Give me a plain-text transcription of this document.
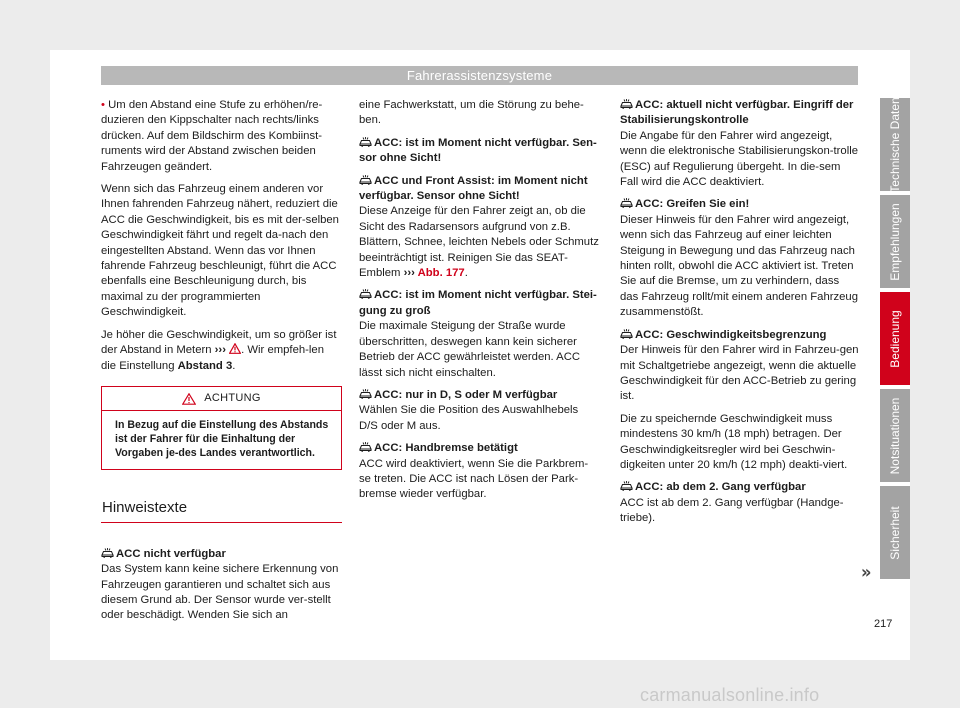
Fahrerassistenzsysteme

• Um den Abstand eine Stufe zu erhöhen/re-duzieren den Kippschalter nach rechts/links drücken. Auf dem Bildschirm des Kombiinst-ruments wird der Abstand zwischen beiden Fahrzeugen geändert.

Wenn sich das Fahrzeug einem anderen vor Ihnen fahrenden Fahrzeug nähert, reduziert die ACC die Geschwindigkeit, bis es mit der-selben Geschwindigkeit fährt und regelt da-nach den eingestellten Abstand. Wenn das vor Ihnen fahrende Fahrzeug beschleunigt, führt die ACC ebenfalls eine Beschleunigung durch, bis maximal zu der programmierten Geschwindigkeit.

Je höher die Geschwindigkeit, um so größer ist der Abstand in Metern ››› . Wir empfeh-len die Einstellung Abstand 3.

ACHTUNG
In Bezug auf die Einstellung des Abstands ist der Fahrer für die Einhaltung der Vorgaben je-des Landes verantwortlich.
Hinweistexte

ACC nicht verfügbar
Das System kann keine sichere Erkennung von Fahrzeugen garantieren und schaltet sich aus diesem Grund ab. Der Sensor wurde ver-stellt oder beschädigt. Wenden Sie sich an

eine Fachwerkstatt, um die Störung zu behe-ben.

ACC: ist im Moment nicht verfügbar. Sen-sor ohne Sicht!

ACC und Front Assist: im Moment nicht verfügbar. Sensor ohne Sicht!
Diese Anzeige für den Fahrer zeigt an, ob die Sicht des Radarsensors aufgrund von z.B. Blättern, Schnee, leichten Nebels oder Schmutz beeinträchtigt ist. Reinigen Sie das SEAT-Emblem ››› Abb. 177.

ACC: ist im Moment nicht verfügbar. Stei-gung zu groß
Die maximale Steigung der Straße wurde überschritten, deswegen kann kein sicherer Betrieb der ACC gewährleistet werden. ACC lässt sich nicht einschalten.

ACC: nur in D, S oder M verfügbar
Wählen Sie die Position des Auswahlhebels D/S oder M aus.

ACC: Handbremse betätigt
ACC wird deaktiviert, wenn Sie die Parkbrem-se treten. Die ACC ist nach Lösen der Park-bremse wieder verfügbar.

ACC: aktuell nicht verfügbar. Eingriff der Stabilisierungskontrolle
Die Angabe für den Fahrer wird angezeigt, wenn die elektronische Stabilisierungskon-trolle (ESC) auf Regulierung übergeht. In die-sem Fall wird die ACC deaktiviert.

ACC: Greifen Sie ein!
Dieser Hinweis für den Fahrer wird angezeigt, wenn sich das Fahrzeug auf einer leichten Steigung in Bewegung und das Fahrzeug nach hinten rollt, obwohl die ACC aktiviert ist. Treten Sie auf die Bremse, um zu verhindern, dass das Fahrzeug rollt/mit einem anderen Fahrzeug zusammenstößt.

ACC: Geschwindigkeitsbegrenzung
Der Hinweis für den Fahrer wird in Fahrzeu-gen mit Schaltgetriebe angezeigt, wenn die aktuelle Geschwindigkeit für den ACC-Betrieb zu gering ist.

Die zu speichernde Geschwindigkeit muss mindestens 30 km/h (18 mph) betragen. Der Geschwindigkeitsregler wird bei Geschwin-digkeiten unter 20 km/h (12 mph) deakti-viert.

ACC: ab dem 2. Gang verfügbar
ACC ist ab dem 2. Gang verfügbar (Handge-triebe).

»
Technische Daten
Empfehlungen
Bedienung
Notsituationen
Sicherheit
217
carmanualsonline.info
